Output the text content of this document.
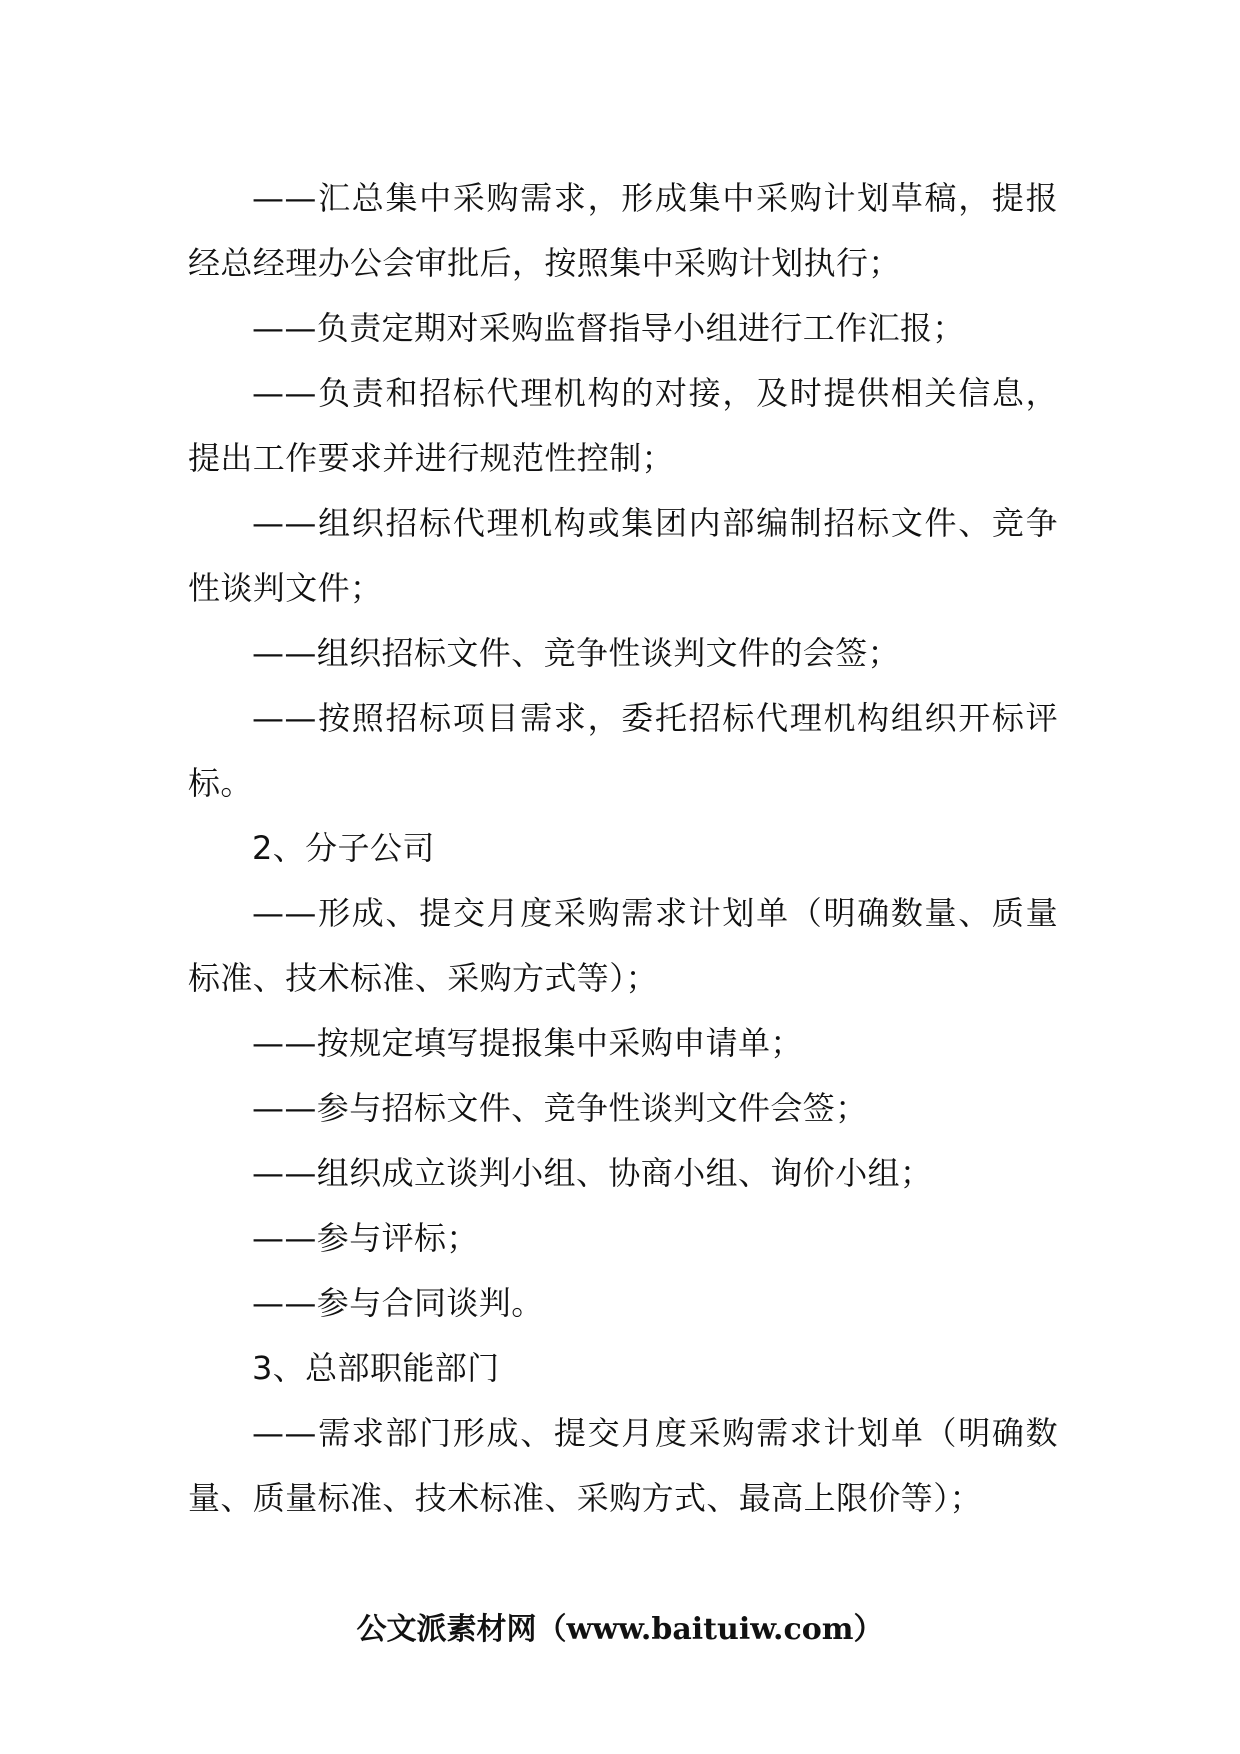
——汇总集中采购需求，形成集中采购计划草稿，提报经总经理办公会审批后，按照集中采购计划执行；

——负责定期对采购监督指导小组进行工作汇报；

——负责和招标代理机构的对接，及时提供相关信息，提出工作要求并进行规范性控制；

——组织招标代理机构或集团内部编制招标文件、竞争性谈判文件；

——组织招标文件、竞争性谈判文件的会签；

——按照招标项目需求，委托招标代理机构组织开标评标。

2、分子公司

——形成、提交月度采购需求计划单（明确数量、质量标准、技术标准、采购方式等）；

——按规定填写提报集中采购申请单；

——参与招标文件、竞争性谈判文件会签；

——组织成立谈判小组、协商小组、询价小组；

——参与评标；

——参与合同谈判。

3、总部职能部门

——需求部门形成、提交月度采购需求计划单（明确数量、质量标准、技术标准、采购方式、最高上限价等）；

公文派素材网（www.baituiw.com）
